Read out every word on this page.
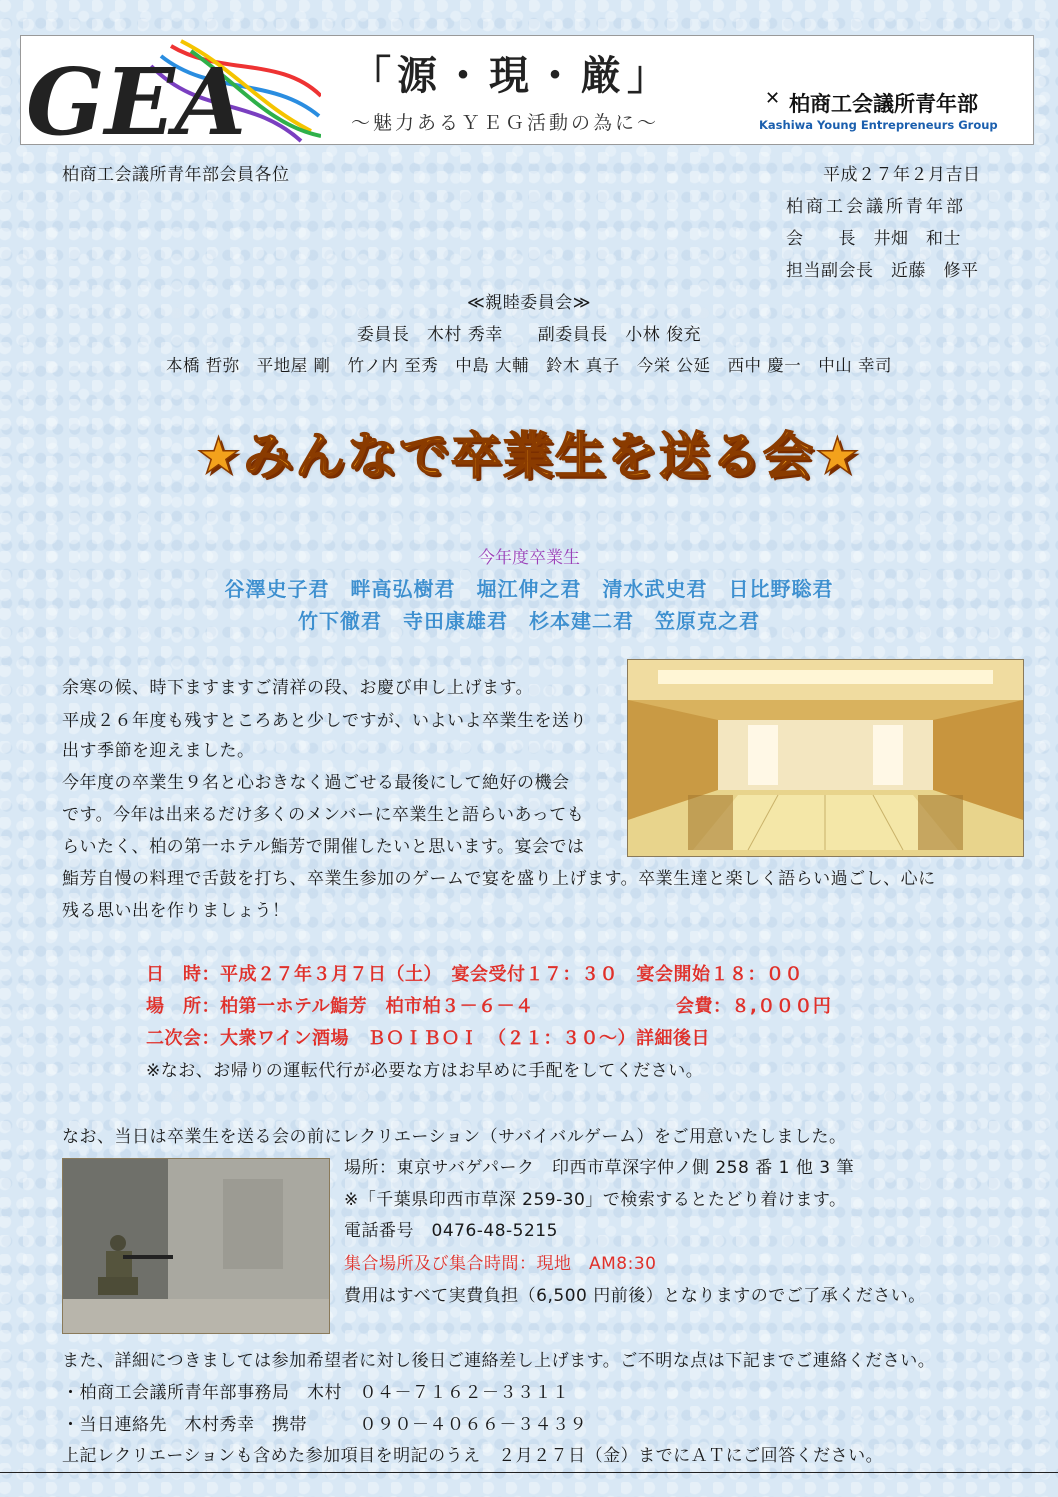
GEA	「源・現・厳」
～魅力あるＹＥＧ活動の為に～
✕ 柏商工会議所青年部
Kashiwa Young Entrepreneurs Group
柏商工会議所青年部会員各位	平成２７年２月吉日
柏商工会議所青年部
会　　長　井畑　和士
担当副会長　近藤　修平
≪親睦委員会≫
委員長　木村 秀幸　　副委員長　小林 俊充
本橋 哲弥　平地屋 剛　竹ノ内 至秀　中島 大輔　鈴木 真子　今栄 公延　西中 慶一　中山 幸司
★みんなで卒業生を送る会★
今年度卒業生
谷澤史子君　畔高弘樹君　堀江伸之君　清水武史君　日比野聡君
竹下徹君　寺田康雄君　杉本建二君　笠原克之君
余寒の候、時下ますますご清祥の段、お慶び申し上げます。
平成２６年度も残すところあと少しですが、いよいよ卒業生を送り
出す季節を迎えました。
今年度の卒業生９名と心おきなく過ごせる最後にして絶好の機会
です。今年は出来るだけ多くのメンバーに卒業生と語らいあっても
らいたく、柏の第一ホテル鮨芳で開催したいと思います。宴会では
鮨芳自慢の料理で舌鼓を打ち、卒業生参加のゲームで宴を盛り上げます。卒業生達と楽しく語らい過ごし、心に
残る思い出を作りましょう！
日　時：平成２７年３月７日（土）　宴会受付１７：３０　宴会開始１８：００
場　所：柏第一ホテル鮨芳　柏市柏３－６－４	会費：８,０００円
二次会：大衆ワイン酒場　ＢＯＩＢＯＩ　（２１：３０～）詳細後日
※なお、お帰りの運転代行が必要な方はお早めに手配をしてください。
なお、当日は卒業生を送る会の前にレクリエーション（サバイバルゲーム）をご用意いたしました。
場所：東京サバゲパーク　印西市草深字仲ノ側 258 番 1 他 3 筆
※「千葉県印西市草深 259-30」で検索するとたどり着けます。
電話番号　0476-48-5215
集合場所及び集合時間：現地　AM8:30
費用はすべて実費負担（6,500 円前後）となりますのでご了承ください。
また、詳細につきましては参加希望者に対し後日ご連絡差し上げます。ご不明な点は下記までご連絡ください。
・柏商工会議所青年部事務局　木村　０４－７１６２－３３１１
・当日連絡先　木村秀幸　携帯　　　０９０－４０６６－３４３９
上記レクリエーションも含めた参加項目を明記のうえ　２月２７日（金）までにＡＴにご回答ください。
